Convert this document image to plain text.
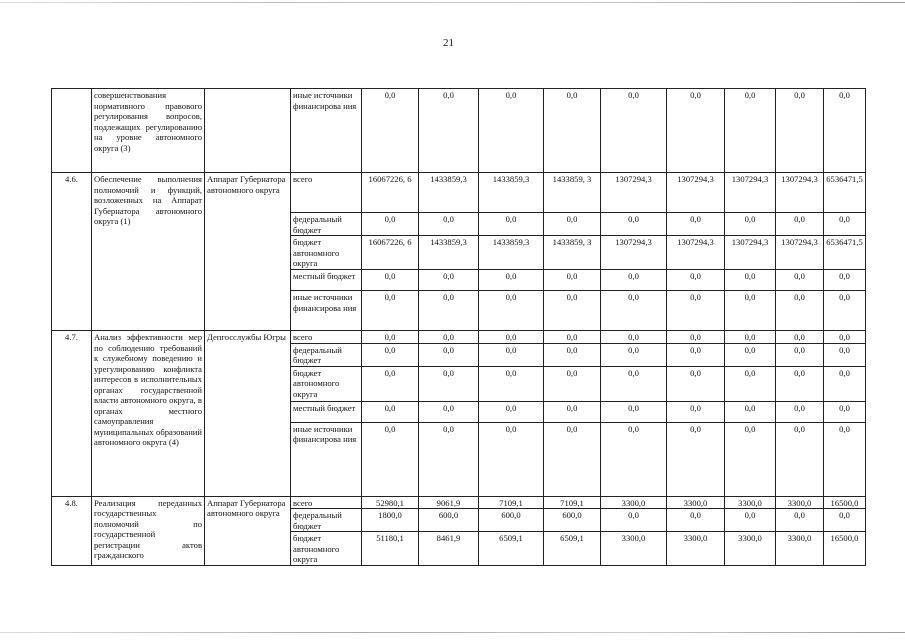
21
	совершенствования нормативного правового регулирования вопросов, подлежащих регулированию на уровне автономного округа (3)		иные источники финансирова ния	0,0	0,0	0,0	0,0	0,0	0,0	0,0	0,0	0,0
4.6.	Обеспечение выполнения полномочий и функций, возложенных на Аппарат Губернатора автономного округа (1)	Аппарат Губернатора автономного округа	всего	16067226, 6	1433859,3	1433859,3	1433859, 3	1307294,3	1307294,3	1307294,3	1307294,3	6536471,5
			федеральный бюджет	0,0	0,0	0,0	0,0	0,0	0,0	0,0	0,0	0,0
			бюджет автономного округа	16067226, 6	1433859,3	1433859,3	1433859, 3	1307294,3	1307294,3	1307294,3	1307294,3	6536471,5
			местный бюджет	0,0	0,0	0,0	0,0	0,0	0,0	0,0	0,0	0,0
			иные источники финансирова ния	0,0	0,0	0,0	0,0	0,0	0,0	0,0	0,0	0,0
4.7.	Анализ эффективности мер по соблюдению требований к служебному поведению и урегулированию конфликта интересов в исполнительных органах государственной власти автономного округа, в органах местного самоуправления муниципальных образований автономного округа (4)	Депгосслужбы Югры	всего	0,0	0,0	0,0	0,0	0,0	0,0	0,0	0,0	0,0
			федеральный бюджет	0,0	0,0	0,0	0,0	0,0	0,0	0,0	0,0	0,0
			бюджет автономного округа	0,0	0,0	0,0	0,0	0,0	0,0	0,0	0,0	0,0
			местный бюджет	0,0	0,0	0,0	0,0	0,0	0,0	0,0	0,0	0,0
			иные источники финансирова ния	0,0	0,0	0,0	0,0	0,0	0,0	0,0	0,0	0,0
4.8.	Реализация переданных государственных полномочий по государственной регистрации актов гражданского	Аппарат Губернатора автономного округа	всего	52980,1	9061,9	7109,1	7109,1	3300,0	3300,0	3300,0	3300,0	16500,0
			федеральный бюджет	1800,0	600,0	600,0	600,0	0,0	0,0	0,0	0,0	0,0
			бюджет автономного округа	51180,1	8461,9	6509,1	6509,1	3300,0	3300,0	3300,0	3300,0	16500,0
